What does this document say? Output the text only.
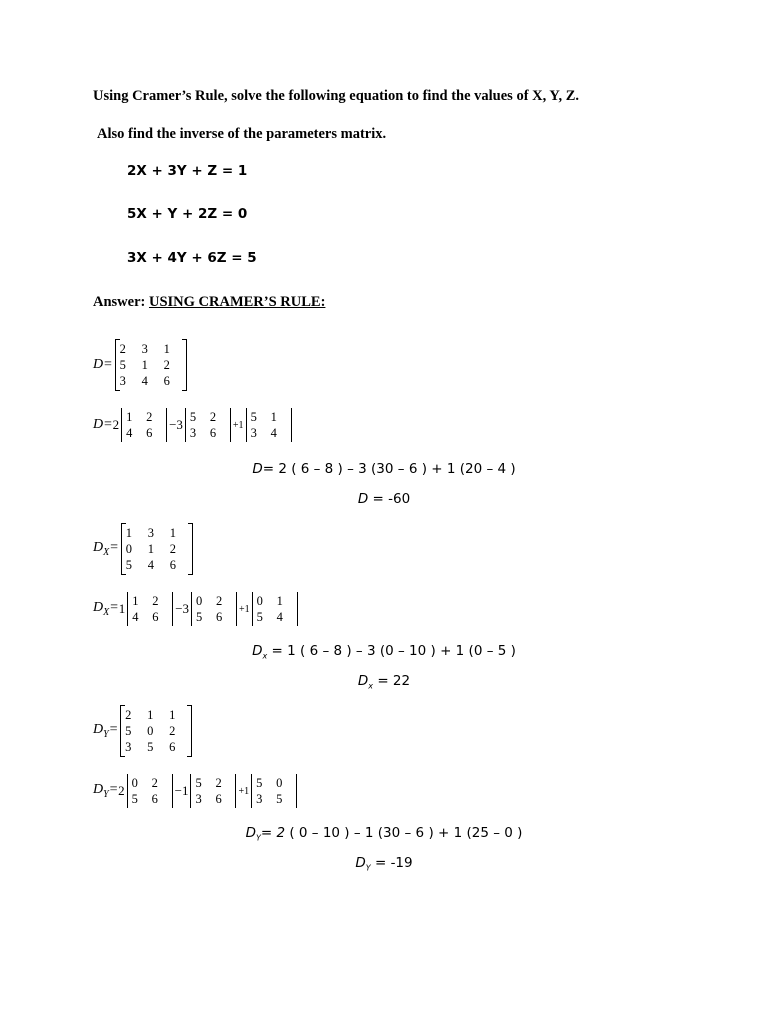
Using Cramer’s Rule, solve the following equation to find the values of X, Y, Z.
Also find the inverse of the parameters matrix.
2X + 3Y + Z = 1
5X + Y + 2Z = 0
3X + 4Y + 6Z = 5
Answer: USING CRAMER’S RULE:
D=
2	3	1
5	1	2
3	4	6
D= 2 1	2
4	6
−3 5	2
3	6
+1
5	1
3	4
D= 2 ( 6 – 8 ) – 3 (30 – 6 ) + 1 (20 – 4 )
D = -60
$D_X=$
1	3	1
0	1	2
5	4	6
$D_X= 1$ 1	2
4	6
−3 0	2
5	6
+1
0	1
5	4
$D_x = 1$ ( 6 – 8 ) – 3 (0 – 10 ) + 1 (0 – 5 )
$D_x = 22$
$D_Y=$
2	1	1
5	0	2
3	5	6
$D_Y= 2$ 0	2
5	6
−1 5	2
3	6
+1
5	0
3	5
$D_Y= 2$ ( 0 – 10 ) – 1 (30 – 6 ) + 1 (25 – 0 )
$D_Y = -19$
